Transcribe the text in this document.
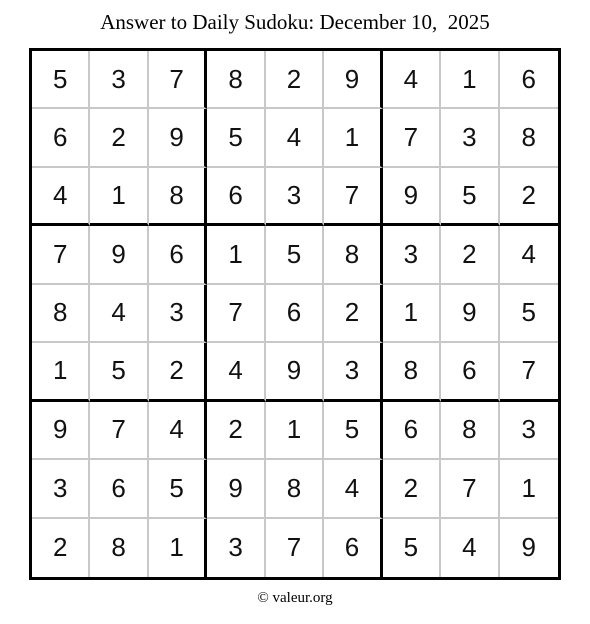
Answer to Daily Sudoku: December 10,  2025
5	3	7	8	2	9	4	1	6
6	2	9	5	4	1	7	3	8
4	1	8	6	3	7	9	5	2
7	9	6	1	5	8	3	2	4
8	4	3	7	6	2	1	9	5
1	5	2	4	9	3	8	6	7
9	7	4	2	1	5	6	8	3
3	6	5	9	8	4	2	7	1
2	8	1	3	7	6	5	4	9
© valeur.org
